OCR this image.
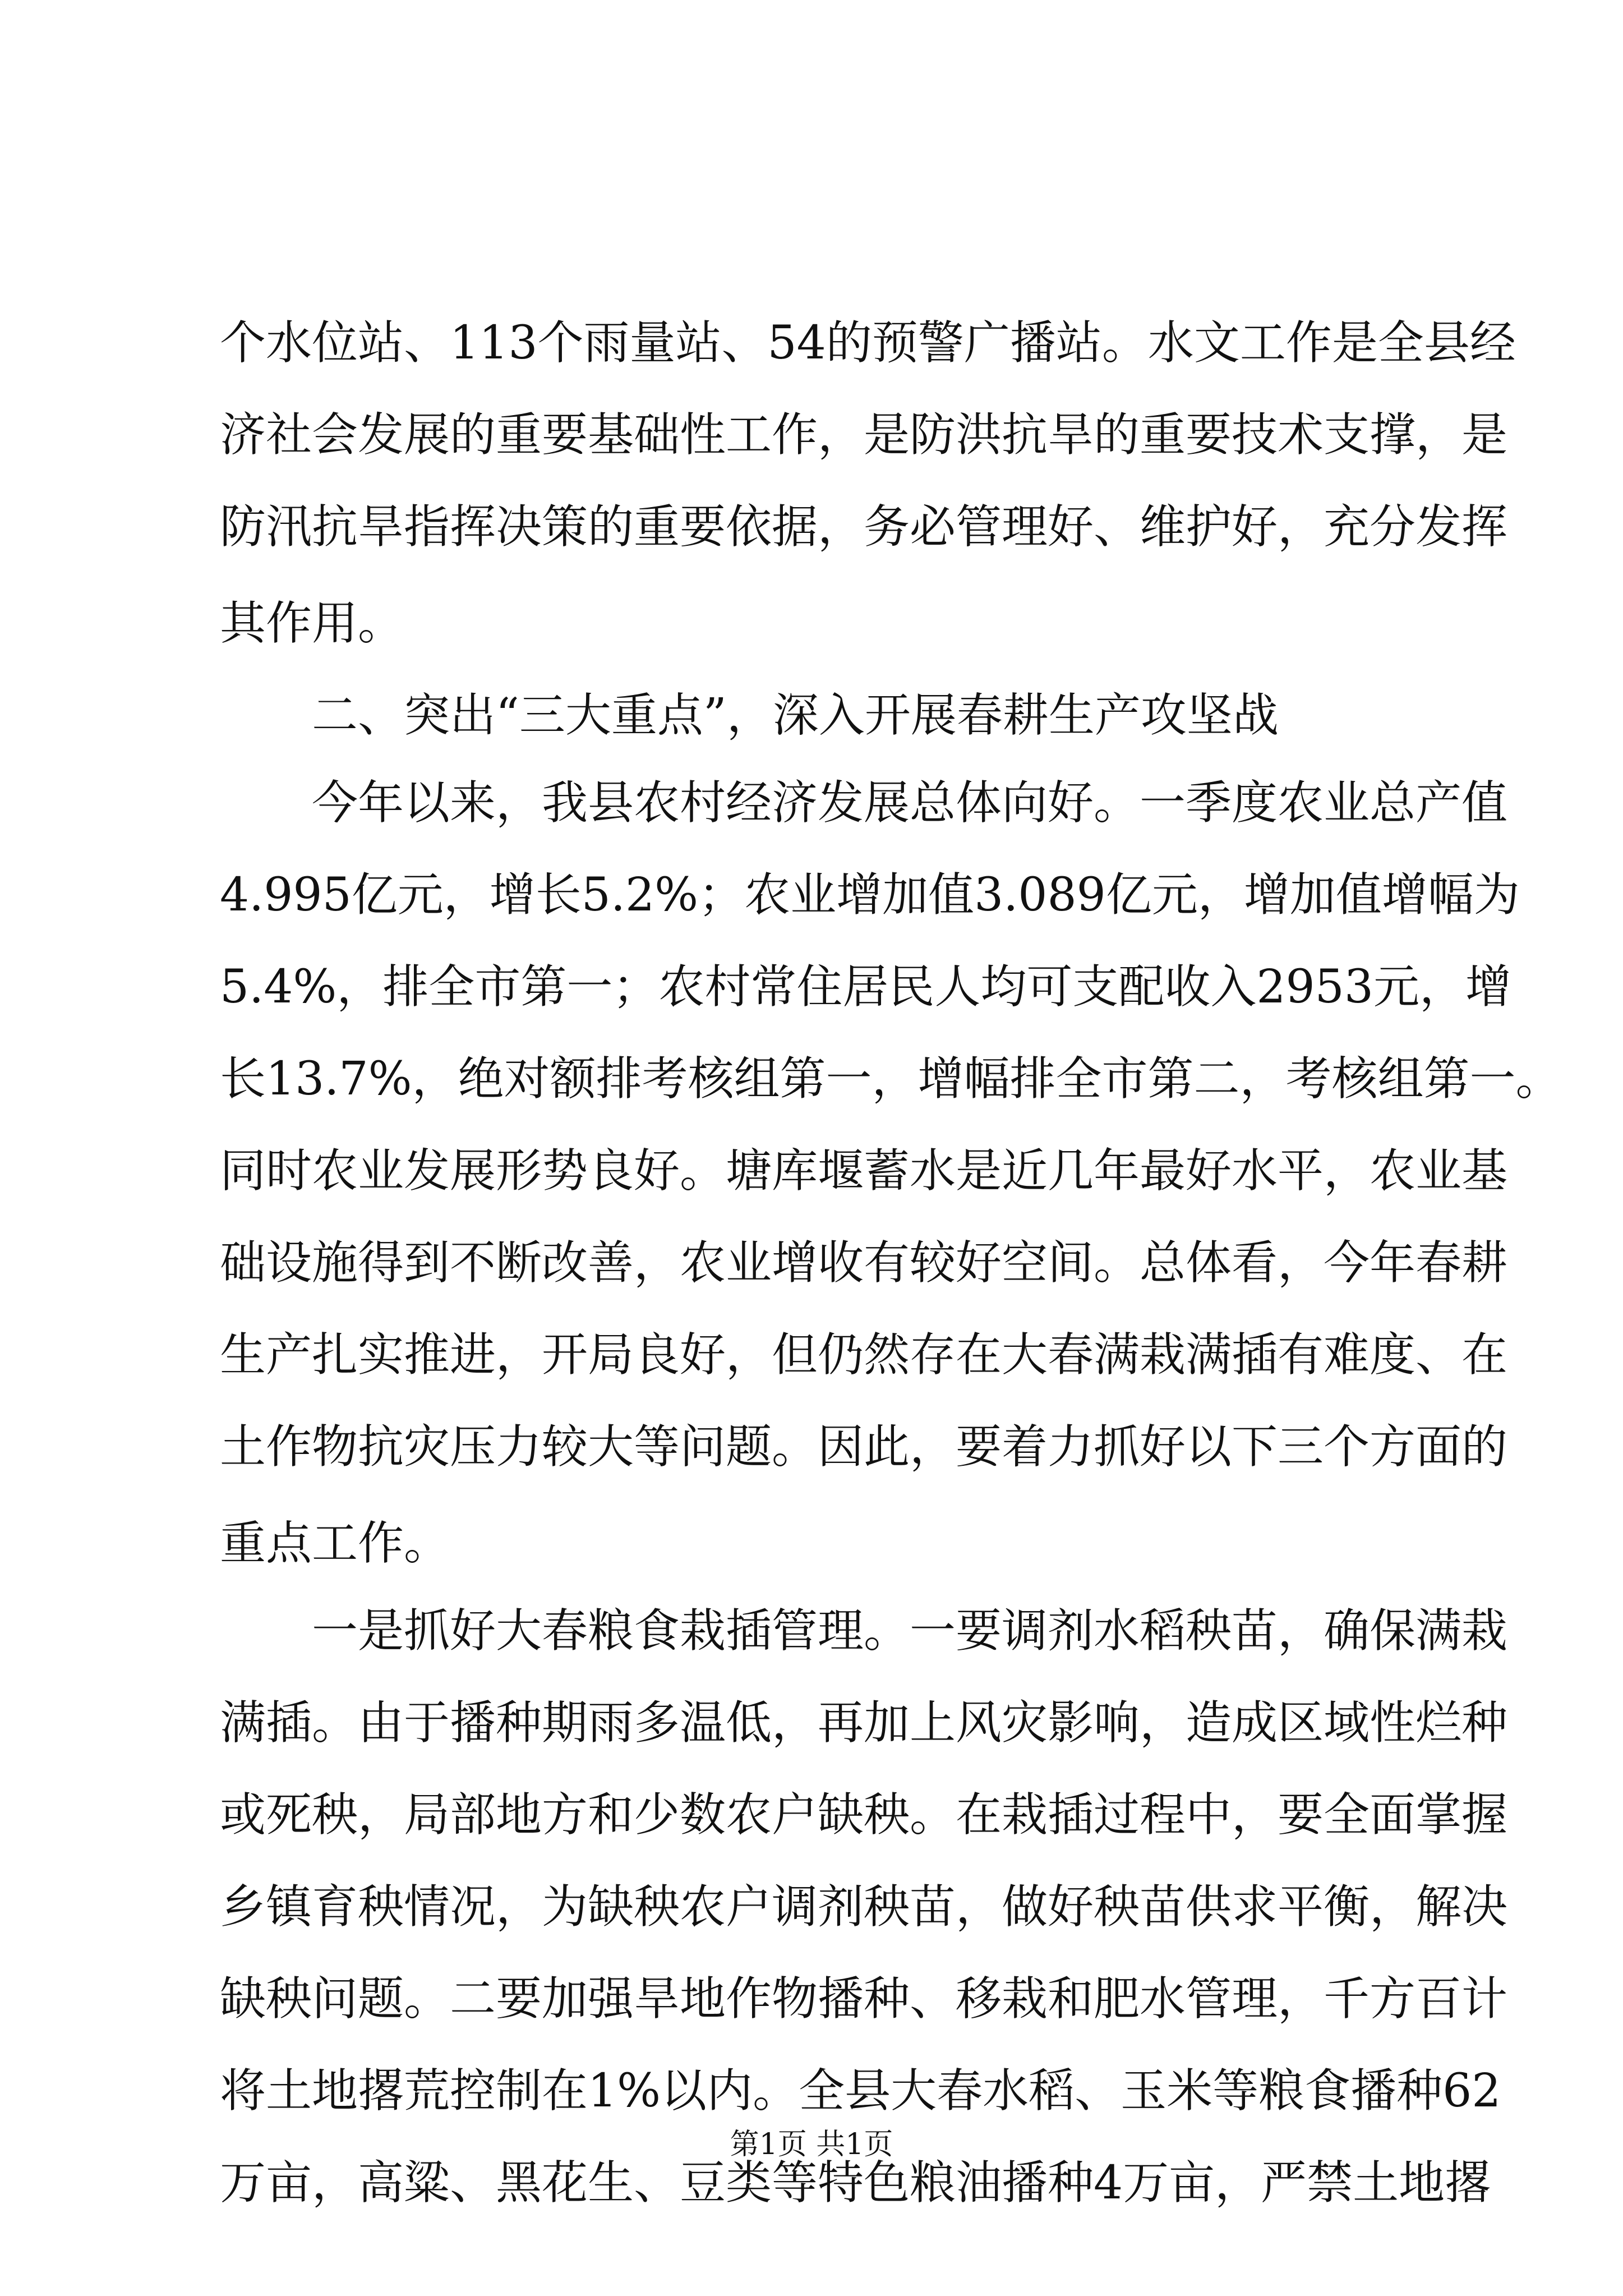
个水位站、113个雨量站、54的预警广播站。水文工作是全县经
济社会发展的重要基础性工作，是防洪抗旱的重要技术支撑，是
防汛抗旱指挥决策的重要依据，务必管理好、维护好，充分发挥
其作用。
二、突出“三大重点”，深入开展春耕生产攻坚战
今年以来，我县农村经济发展总体向好。一季度农业总产值
4.995亿元，增长5.2%；农业增加值3.089亿元，增加值增幅为
5.4%，排全市第一；农村常住居民人均可支配收入2953元，增
长13.7%，绝对额排考核组第一，增幅排全市第二，考核组第一。
同时农业发展形势良好。塘库堰蓄水是近几年最好水平，农业基
础设施得到不断改善，农业增收有较好空间。总体看，今年春耕
生产扎实推进，开局良好，但仍然存在大春满栽满插有难度、在
土作物抗灾压力较大等问题。因此，要着力抓好以下三个方面的
重点工作。
一是抓好大春粮食栽插管理。一要调剂水稻秧苗，确保满栽
满插。由于播种期雨多温低，再加上风灾影响，造成区域性烂种
或死秧，局部地方和少数农户缺秧。在栽插过程中，要全面掌握
乡镇育秧情况，为缺秧农户调剂秧苗，做好秧苗供求平衡，解决
缺秧问题。二要加强旱地作物播种、移栽和肥水管理，千方百计
将土地撂荒控制在1%以内。全县大春水稻、玉米等粮食播种62
万亩，高粱、黑花生、豆类等特色粮油播种4万亩，严禁土地撂
第1页 共1页
